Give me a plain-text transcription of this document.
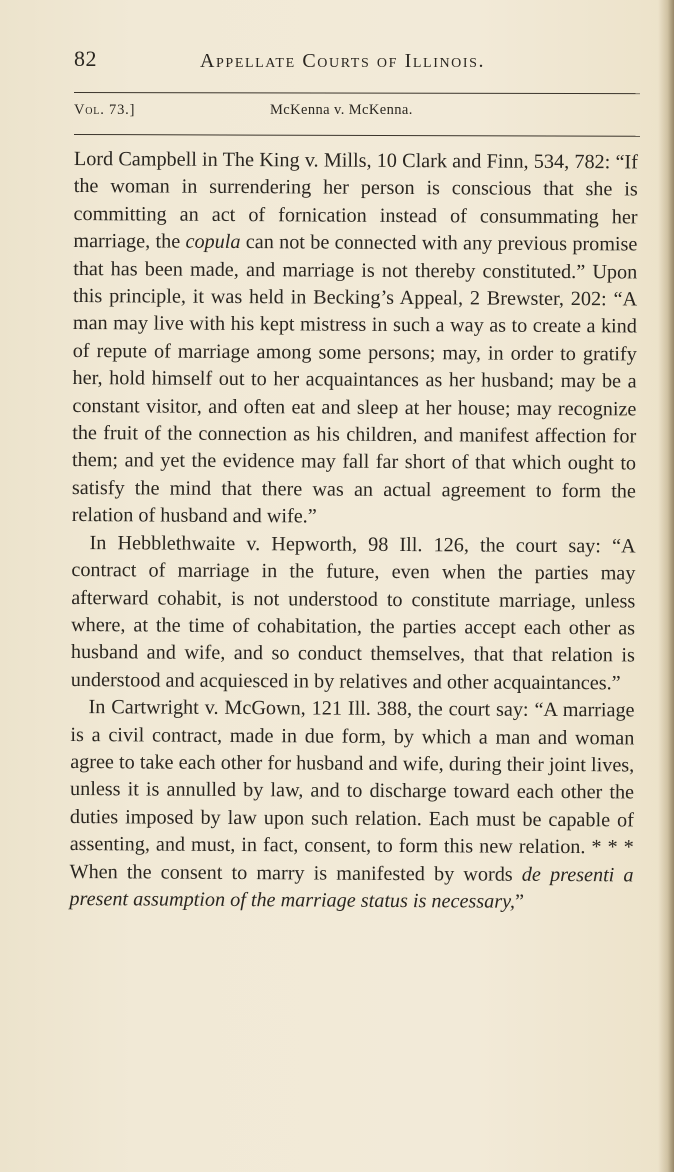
82	Appellate Courts of Illinois.
Vol. 73.]	McKenna v. McKenna.

Lord Campbell in The King v. Mills, 10 Clark and Finn, 534, 782: “If the woman in surrendering her person is conscious that she is committing an act of fornication instead of consummating her marriage, the copula can not be connected with any previous promise that has been made, and marriage is not thereby constituted.” Upon this principle, it was held in Becking’s Appeal, 2 Brewster, 202: “A man may live with his kept mistress in such a way as to create a kind of repute of marriage among some persons; may, in order to gratify her, hold himself out to her acquaintances as her husband; may be a constant visitor, and often eat and sleep at her house; may recognize the fruit of the connection as his children, and manifest affection for them; and yet the evidence may fall far short of that which ought to satisfy the mind that there was an actual agreement to form the relation of husband and wife.”

In Hebblethwaite v. Hepworth, 98 Ill. 126, the court say: “A contract of marriage in the future, even when the parties may afterward cohabit, is not understood to constitute marriage, unless where, at the time of cohabitation, the parties accept each other as husband and wife, and so conduct themselves, that that relation is understood and acquiesced in by relatives and other acquaintances.”

In Cartwright v. McGown, 121 Ill. 388, the court say: “A marriage is a civil contract, made in due form, by which a man and woman agree to take each other for husband and wife, during their joint lives, unless it is annulled by law, and to discharge toward each other the duties imposed by law upon such relation. Each must be capable of assenting, and must, in fact, consent, to form this new relation. * * * When the consent to marry is manifested by words de presenti a present assumption of the marriage status is necessary,”
